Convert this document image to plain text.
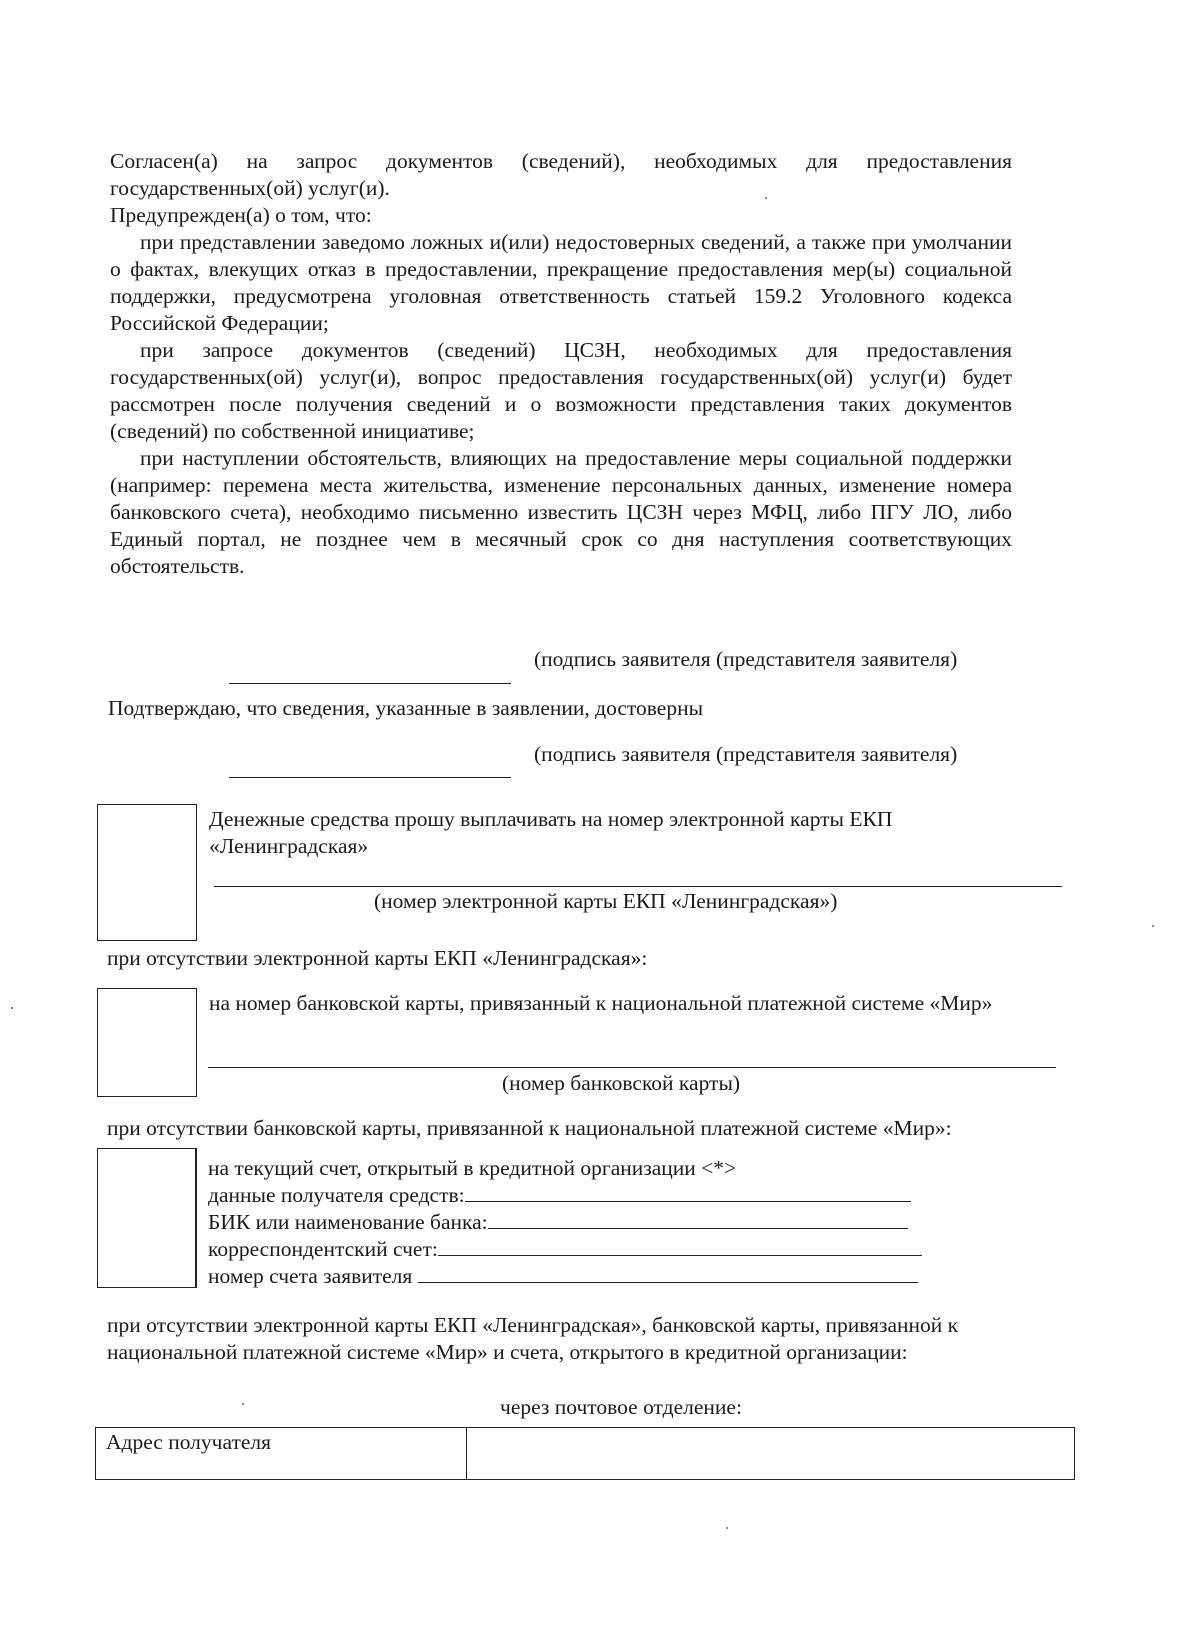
Согласен(а) на запрос документов (сведений), необходимых для предоставления государственных(ой) услуг(и).
Предупрежден(а) о том, что:
при представлении заведомо ложных и(или) недостоверных сведений, а также при умолчании о фактах, влекущих отказ в предоставлении, прекращение предоставления мер(ы) социальной поддержки, предусмотрена уголовная ответственность статьей 159.2 Уголовного кодекса Российской Федерации;
при запросе документов (сведений) ЦСЗН, необходимых для предоставления государственных(ой) услуг(и), вопрос предоставления государственных(ой) услуг(и) будет рассмотрен после получения сведений и о возможности представления таких документов (сведений) по собственной инициативе;
при наступлении обстоятельств, влияющих на предоставление меры социальной поддержки (например: перемена места жительства, изменение персональных данных, изменение номера банковского счета), необходимо письменно известить ЦСЗН через МФЦ, либо ПГУ ЛО, либо Единый портал, не позднее чем в месячный срок со дня наступления соответствующих обстоятельств.
(подпись заявителя (представителя заявителя)
Подтверждаю, что сведения, указанные в заявлении, достоверны
(подпись заявителя (представителя заявителя)
Денежные средства прошу выплачивать на номер электронной карты ЕКП «Ленинградская»
(номер электронной карты ЕКП «Ленинградская»)
при отсутствии электронной карты ЕКП «Ленинградская»:
на номер банковской карты, привязанный к национальной платежной системе «Мир»
(номер банковской карты)
при отсутствии банковской карты, привязанной к национальной платежной системе «Мир»:
на текущий счет, открытый в кредитной организации <*>
данные получателя средств:
БИК или наименование банка:
корреспондентский счет:
номер счета заявителя
при отсутствии электронной карты ЕКП «Ленинградская», банковской карты, привязанной к национальной платежной системе «Мир» и счета, открытого в кредитной организации:
через почтовое отделение:
Адрес получателя	
